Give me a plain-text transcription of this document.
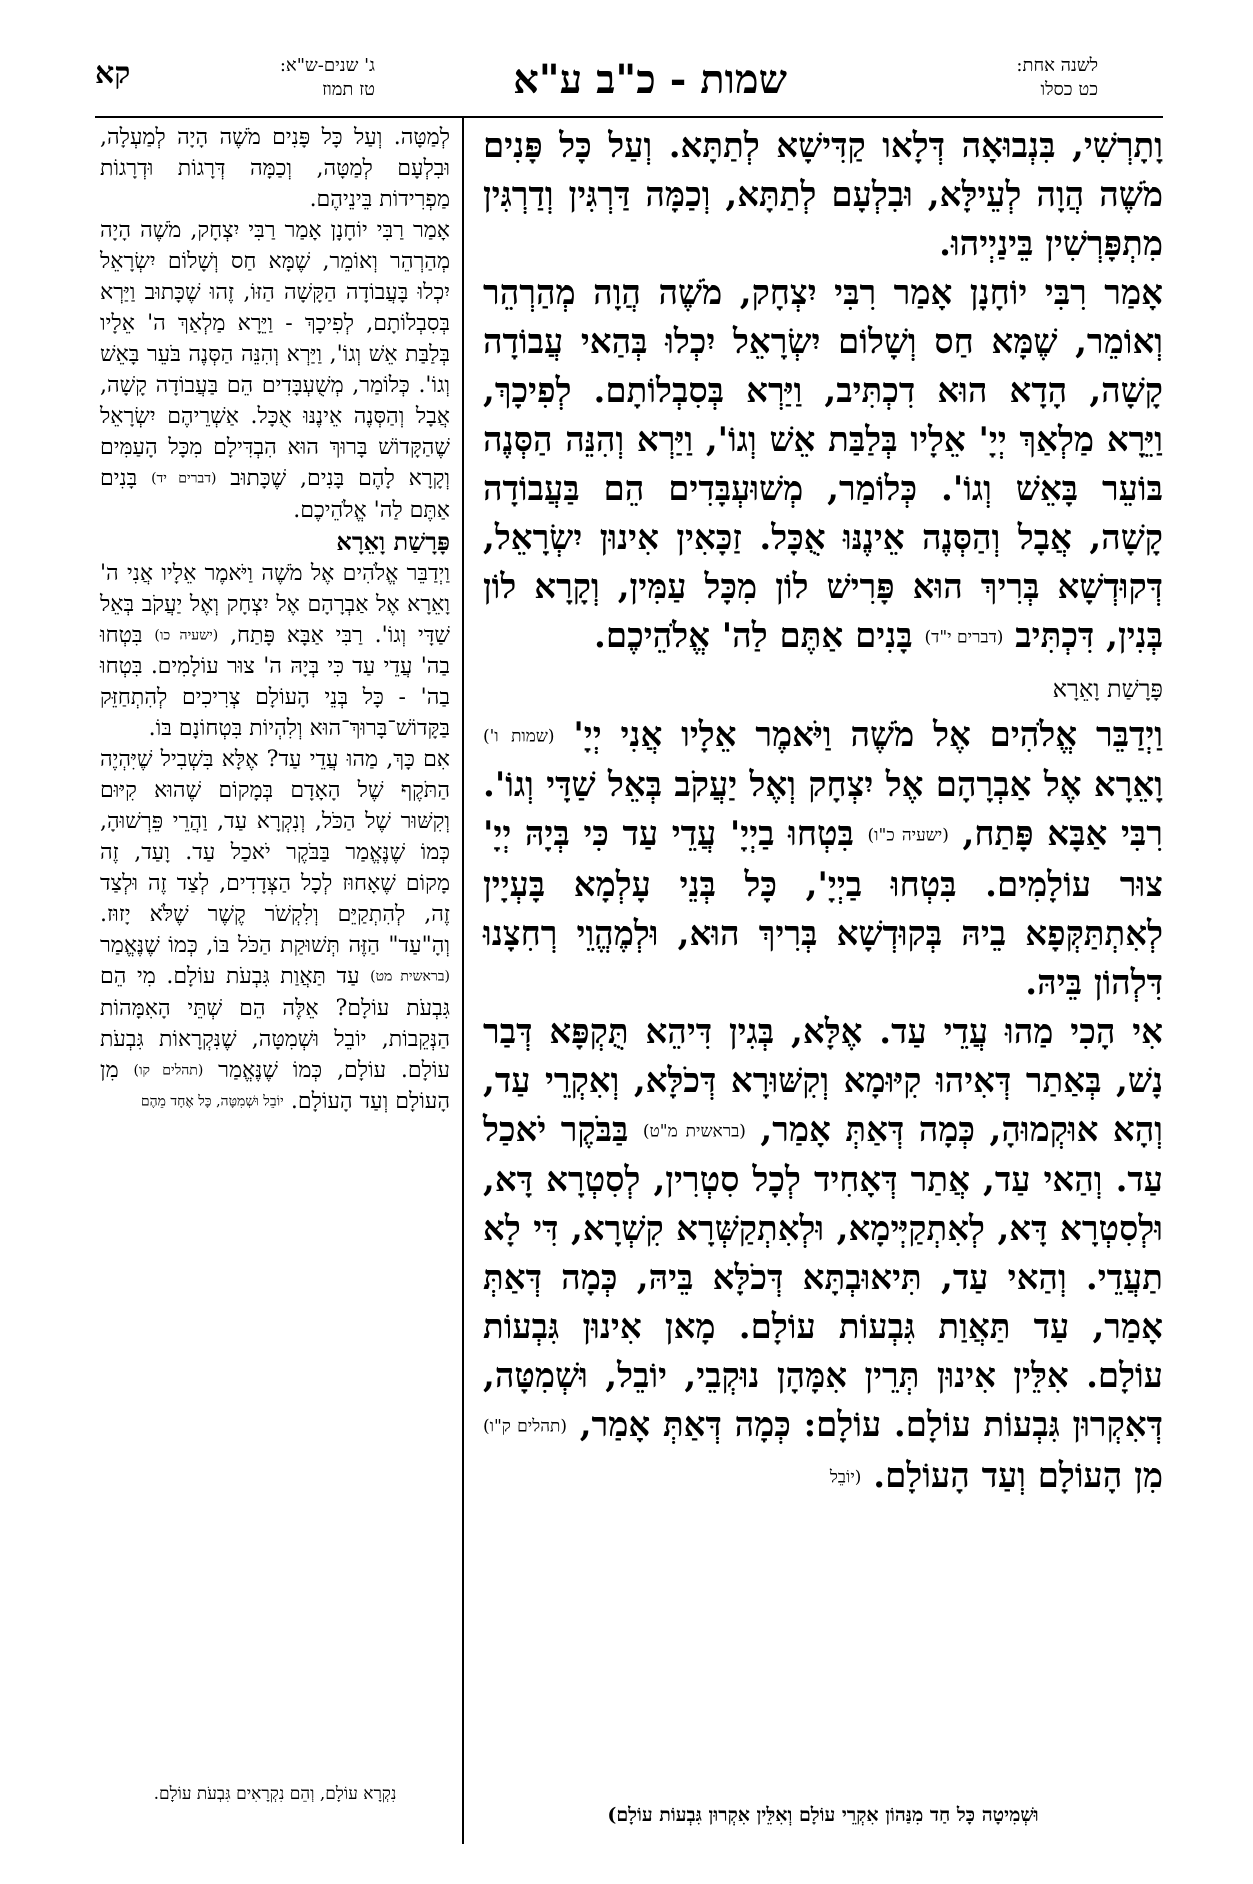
לשנה אחת:
כט כסלו
שמות - כ"ב ע"א
ג' שנים-ש"א:
טז תמוז
קא

וָתָרְשִׁי, בִּנְבוּאָה דְּלָאו קַדִּישָׁא לְתַתָּא. וְעַל כָּל פָּנִים מֹשֶׁה הֲוָה לְעֵילָּא, וּבִלְעָם לְתַתָּא, וְכַמָּה דַּרְגִּין וְדַרְגִּין מִתְפָּרְשִׁין בֵּינַיְיהוּ.

אָמַר רִבִּי יוֹחָנָן אָמַר רִבִּי יִצְחָק, מֹשֶׁה הֲוָה מְהַרְהֵר וְאוֹמֵר, שֶׁמָּא חַס וְשָׁלוֹם יִשְׂרָאֵל יִכְלוּ בְּהַאי עֲבוֹדָה קָשָׁה, הָדָא הוּא דִכְתִּיב, וַיַּרְא בְּסִבְלוֹתָם. לְפִיכָךְ, וַיֵּרָא מַלְאַךְ יְיָ' אֵלָיו בְּלַבַּת אֵשׁ וְגוֹ', וַיַּרְא וְהִנֵּה הַסְּנֶה בּוֹעֵר בָּאֵשׁ וְגוֹ'. כְּלוֹמַר, מְשׁוּעְבָּדִים הֵם בַּעֲבוֹדָה קָשָׁה, אֲבָל וְהַסְּנֶה אֵינֶנּוּ אֻכָּל. זַכָּאִין אִינוּן יִשְׂרָאֵל, דְּקוּדְשָׁא בְּרִיךְ הוּא פָּרִישׁ לוֹן מִכָּל עַמִּין, וְקָרָא לוֹן בְּנִין, דִּכְתִּיב (דברים י"ד) בָּנִים אַתֶּם לַה' אֱלֹהֵיכֶם.

פָּרָשַׁת וָאֵרָא

וַיְדַבֵּר אֱלֹהִים אֶל מֹשֶׁה וַיֹּאמֶר אֵלָיו אֲנִי יְיָ' (שמות ו') וָאֵרָא אֶל אַבְרָהָם אֶל יִצְחָק וְאֶל יַעֲקֹב בְּאֵל שַׁדָּי וְגוֹ'. רִבִּי אַבָּא פָּתַח, (ישעיה כ"ו) בִּטְחוּ בַיְיָ' עֲדֵי עַד כִּי בְּיָהּ יְיָ' צוּר עוֹלָמִים. בִּטְחוּ בַיְיָ', כָּל בְּנֵי עָלְמָא בָּעְיָין לְאִתְתַּקְּפָא בֵיהּ בְּקוּדְשָׁא בְּרִיךְ הוּא, וּלְמֶהֱוֵי רְחִצָנוּ דִּלְהוֹן בֵּיהּ.

אִי הָכִי מַהוּ עֲדֵי עַד. אֶלָּא, בְּגִין דִּיהֵא תֻּקְפָּא דְּבַר נָשׁ, בְּאַתַר דְּאִיהוּ קִיּוּמָא וְקִשּׁוּרָא דְּכֹלָּא, וְאִקְרֵי עַד, וְהָא אוּקְמוּהָ, כְּמָה דְּאַתְּ אָמַר, (בראשית מ"ט) בַּבֹּקֶר יֹאכַל עַד. וְהַאי עַד, אֲתַר דְּאָחִיד לְכָל סִטְרִין, לְסִטְרָא דָּא, וּלְסִטְרָא דָּא, לְאִתְקַיְּימָא, וּלְאִתְקַשְּׁרָא קִשְׁרָא, דִּי לָא תַעֲדֵי. וְהַאי עַד, תִּיאוּבְתָּא דְּכֹלָּא בֵּיהּ, כְּמָה דְּאַתְּ אָמַר, עַד תַּאֲוַת גִּבְעוֹת עוֹלָם. מָאן אִינוּן גִּבְעוֹת עוֹלָם. אִלֵּין אִינוּן תְּרֵין אִמָּהָן נוּקְבֵי, יוֹבֵל, וּשְׁמִטָּה, דְּאִקְרוּן גִּבְעוֹת עוֹלָם. עוֹלָם: כְּמָה דְּאַתְּ אָמַר, (תהלים ק"ו) מִן הָעוֹלָם וְעַד הָעוֹלָם. (יוֹבֵל

וּשְׁמִיטָה כָּל חַד מִנַּהוֹן אִקְרֵי עוֹלָם וְאִלֵּין אִקְרוּן גִּבְעוֹת עוֹלָם)

לְמַטָּה. וְעַל כָּל פָּנִים מֹשֶׁה הָיָה לְמַעְלָה, וּבִלְעָם לְמַטָּה, וְכַמָּה דְּרָגוֹת וּדְרָגוֹת מַפְרִידוֹת בֵּינֵיהֶם.

אָמַר רַבִּי יוֹחָנָן אָמַר רַבִּי יִצְחָק, מֹשֶׁה הָיָה מְהַרְהֵר וְאוֹמֵר, שֶׁמָּא חַס וְשָׁלוֹם יִשְׂרָאֵל יִכְלוּ בָּעֲבוֹדָה הַקָּשָׁה הַזּוֹ, זֶהוּ שֶׁכָּתוּב וַיַּרְא בְּסִבְלוֹתָם, לְפִיכָךְ - וַיֵּרָא מַלְאַךְ ה' אֵלָיו בְּלַבַּת אֵשׁ וְגוֹ', וַיַּרְא וְהִנֵּה הַסְּנֶה בֹּעֵר בָּאֵשׁ וְגוֹ'. כְּלוֹמַר, מְשֻׁעְבָּדִים הֵם בַּעֲבוֹדָה קָשָׁה, אֲבָל וְהַסְּנֶה אֵינֶנּוּ אֻכָּל. אַשְׁרֵיהֶם יִשְׂרָאֵל שֶׁהַקָּדוֹשׁ בָּרוּךְ הוּא הִבְדִּילָם מִכָּל הָעַמִּים וְקָרָא לָהֶם בָּנִים, שֶׁכָּתוּב (דברים יד) בָּנִים אַתֶּם לַה' אֱלֹהֵיכֶם.

פָּרָשַׁת וָאֵרָא

וַיְדַבֵּר אֱלֹהִים אֶל מֹשֶׁה וַיֹּאמֶר אֵלָיו אֲנִי ה' וָאֵרָא אֶל אַבְרָהָם אֶל יִצְחָק וְאֶל יַעֲקֹב בְּאֵל שַׁדָּי וְגוֹ'. רַבִּי אַבָּא פָּתַח, (ישעיה כו) בִּטְחוּ בַה' עֲדֵי עַד כִּי בְּיָהּ ה' צוּר עוֹלָמִים. בִּטְחוּ בַה' - כָּל בְּנֵי הָעוֹלָם צְרִיכִים לְהִתְחַזֵּק בַּקָּדוֹשׁ־בָּרוּךְ־הוּא וְלִהְיוֹת בִּטְחוֹנָם בּוֹ.

אִם כָּךְ, מַהוּ עֲדֵי עַד? אֶלָּא בִּשְׁבִיל שֶׁיִּהְיֶה הַתֹּקֶף שֶׁל הָאָדָם בְּמָקוֹם שֶׁהוּא קִיּוּם וְקִשּׁוּר שֶׁל הַכֹּל, וְנִקְרָא עַד, וַהֲרֵי פֵּרְשׁוּהָ, כְּמוֹ שֶׁנֶּאֱמַר בַּבֹּקֶר יֹאכַל עַד. וָעַד, זֶה מָקוֹם שֶׁאָחוּז לְכָל הַצְּדָדִים, לְצַד זֶה וּלְצַד זֶה, לְהִתְקַיֵּם וְלִקְשֹׁר קֶשֶׁר שֶׁלֹּא יָזוּז. וְהָ"עַד" הַזֶּה תְּשׁוּקַת הַכֹּל בּוֹ, כְּמוֹ שֶׁנֶּאֱמַר (בראשית מט) עַד תַּאֲוַת גִּבְעֹת עוֹלָם. מִי הֵם גִּבְעֹת עוֹלָם? אֵלֶּה הֵם שְׁתֵּי הָאִמָּהוֹת הַנְּקֵבוֹת, יוֹבֵל וּשְׁמִטָּה, שֶׁנִּקְרָאוֹת גִּבְעֹת עוֹלָם. עוֹלָם, כְּמוֹ שֶׁנֶּאֱמַר (תהלים קו) מִן הָעוֹלָם וְעַד הָעוֹלָם. יוֹבֵל וּשְׁמִטָּה, כָּל אֶחָד מֵהֶם

נִקְרָא עוֹלָם, וְהֵם נִקְרָאִים גִּבְעֹת עוֹלָם.
